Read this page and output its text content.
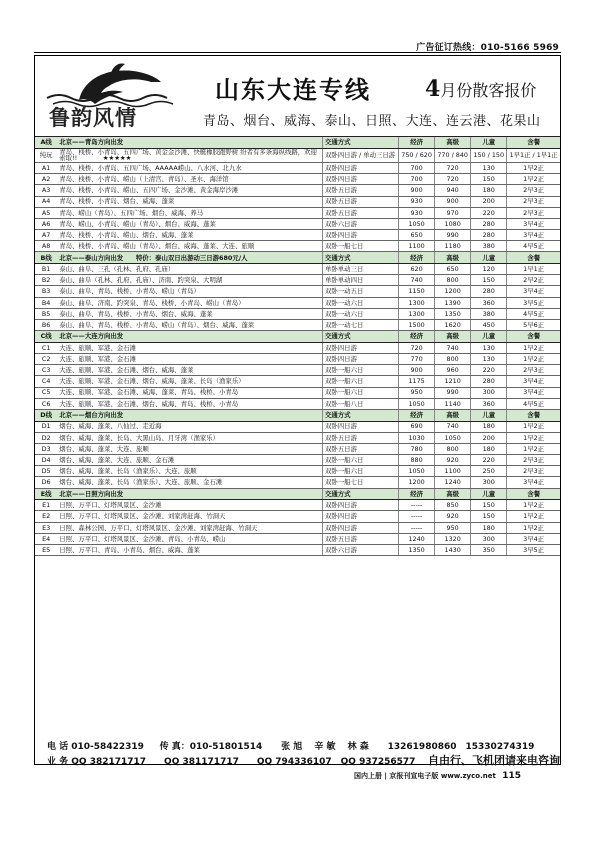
广告征订热线：010-5166 5969
鲁韵风情
山东大连专线 4月份散客报价
青岛、烟台、威海、泰山、日照、大连、连云港、花果山
A线	北京——青岛方向出发	交通方式	经济	高级	儿童	含餐
纯玩	青岛、栈桥、小青岛、五四广场、黄金金沙滩、快艇橡胶跑野树 纷者有多条海纵线路，欢迎索取!!　　　　★★★★★	双卧四日游 / 单动三日游	750 / 620	770 / 840	150 / 150	1早1正 / 1早1正
A1	青岛、栈桥、小青岛、五四广场、AAAAA崂山、八水河、北九水	双卧四日游	700	720	130	1早2正
A2	青岛、栈桥、小青岛、崂山（上清宫、青岛）、圣水、海洋馆	双卧四日游	700	720	150	1早2正
A3	青岛、栈桥、小青岛、崂山、五四广场、金沙滩、黄金海岸沙滩	双卧五日游	900	940	180	2早3正
A4	青岛、栈桥、小青岛、烟台、威海、蓬莱	双卧五日游	930	900	200	2早3正
A5	青岛、崂山（青岛）、五四广场、烟台、威海、养马	双卧五日游	930	970	220	2早3正
A6	青岛、崂山、小青岛、崂山（青岛）、烟台、威海、蓬莱	双卧六日游	1050	1080	280	3早4正
A7	青岛、栈桥、小青岛、崂山、烟台、威海、蓬莱	双卧四日游	650	990	280	3早4正
A8	青岛、栈桥、小青岛、崂山（青岛）、烟台、威海、蓬莱、大连、旅顺	双卧一船七日	1100	1180	380	4早5正
B线	北京——泰山方向出发　　特价：泰山双日出游动三日游680元/人	交通方式	经济	高级	儿童	含餐
B1	泰山、曲阜、三孔（孔林、孔府、孔庙）	单卧单动三日	620	650	120	1早1正
B2	泰山、曲阜（孔林、孔府、孔庙）、济南、趵突泉、大明湖	单卧单动四日	740	800	150	2早2正
B3	泰山、曲阜、青岛、栈桥、小青岛、崂山（青岛）	双卧一动五日	1150	1200	280	3早4正
B4	泰山、曲阜、济南、趵突泉、青岛、栈桥、小青岛、崂山（青岛）	双卧一动六日	1300	1390	360	3早5正
B5	泰山、曲阜、青岛、栈桥、小青岛、烟台、威海、蓬莱	双卧一动六日	1300	1350	380	4早5正
B6	泰山、曲阜、青岛、栈桥、小青岛、崂山（青岛）、烟台、威海、蓬莱	双卧一动七日	1500	1620	450	5早6正
C线	北京——大连方向出发	交通方式	经济	高级	儿童	含餐
C1	大连、旅顺、军港、金石滩	双卧四日游	720	740	130	1早2正
C2	大连、旅顺、军港、金石滩	双卧四日游	770	800	130	1早2正
C3	大连、旅顺、军港、金石滩、烟台、威海、蓬莱	双卧一船六日	900	960	220	2早3正
C4	大连、旅顺、军港、金石滩、烟台、威海、蓬莱、长岛（渔家乐）	双卧一船六日	1175	1210	280	3早4正
C5	大连、旅顺、军港、金石滩、威海、蓬莱、青岛、栈桥、小青岛	双卧一船六日	950	990	300	3早4正
C6	大连、旅顺、军港、金石滩、烟台、威海、青岛、栈桥、小青岛	双卧一船八日	1050	1140	360	4早5正
D线	北京——烟台方向出发	交通方式	经济	高级	儿童	含餐
D1	烟台、威海、蓬莱、八仙过、走近海	双卧四日游	690	740	180	1早2正
D2	烟台、威海、蓬莱、长岛、大黑山岛、月牙湾（渔家乐）	双卧五日游	1030	1050	200	1早2正
D3	烟台、威海、蓬莱、大连、旅顺	双卧五日游	780	800	180	1早2正
D4	烟台、威海、蓬莱、大连、旅顺、金石滩	双卧一船六日	880	920	220	2早3正
D5	烟台、威海、蓬莱、长岛（渔家乐）、大连、旅顺	双卧一船六日	1050	1100	250	2早3正
D6	烟台、威海、蓬莱、长岛（渔家乐）、大连、旅顺、金石滩	双卧一船七日	1200	1240	300	3早4正
E线	北京——日照方向出发	交通方式	经济	高级	儿童	含餐
E1	日照、万平口、灯塔风景区、金沙滩	双卧四日游	-----	850	150	1早2正
E2	日照、万平口、灯塔风景区、金沙滩、刘家湾赶海、竹洞天	双卧四日游	-----	920	150	1早2正
E3	日照、森林公园、万平口、灯塔风景区、金沙滩、刘家湾赶海、竹洞天	双卧四日游	-----	950	180	1早2正
E4	日照、万平口、灯塔风景区、金沙滩、青岛、小青岛、崂山	双卧五日游	1240	1320	300	3早4正
E5	日照、万平口、青岛、小青岛、烟台、威海、蓬莱	双卧六日游	1350	1430	350	3早5正
电 话 010-58422319 传 真：010-51801514 张 旭　 辛 敏　 林 森 13261980860　15330274319
业 务 QQ 382171717　　QQ 381171717　　QQ 794336107　QQ 937256577 自由行、飞机团请来电咨询
国内上册 | 京报刊宣电子版 www.zyco.net 115
